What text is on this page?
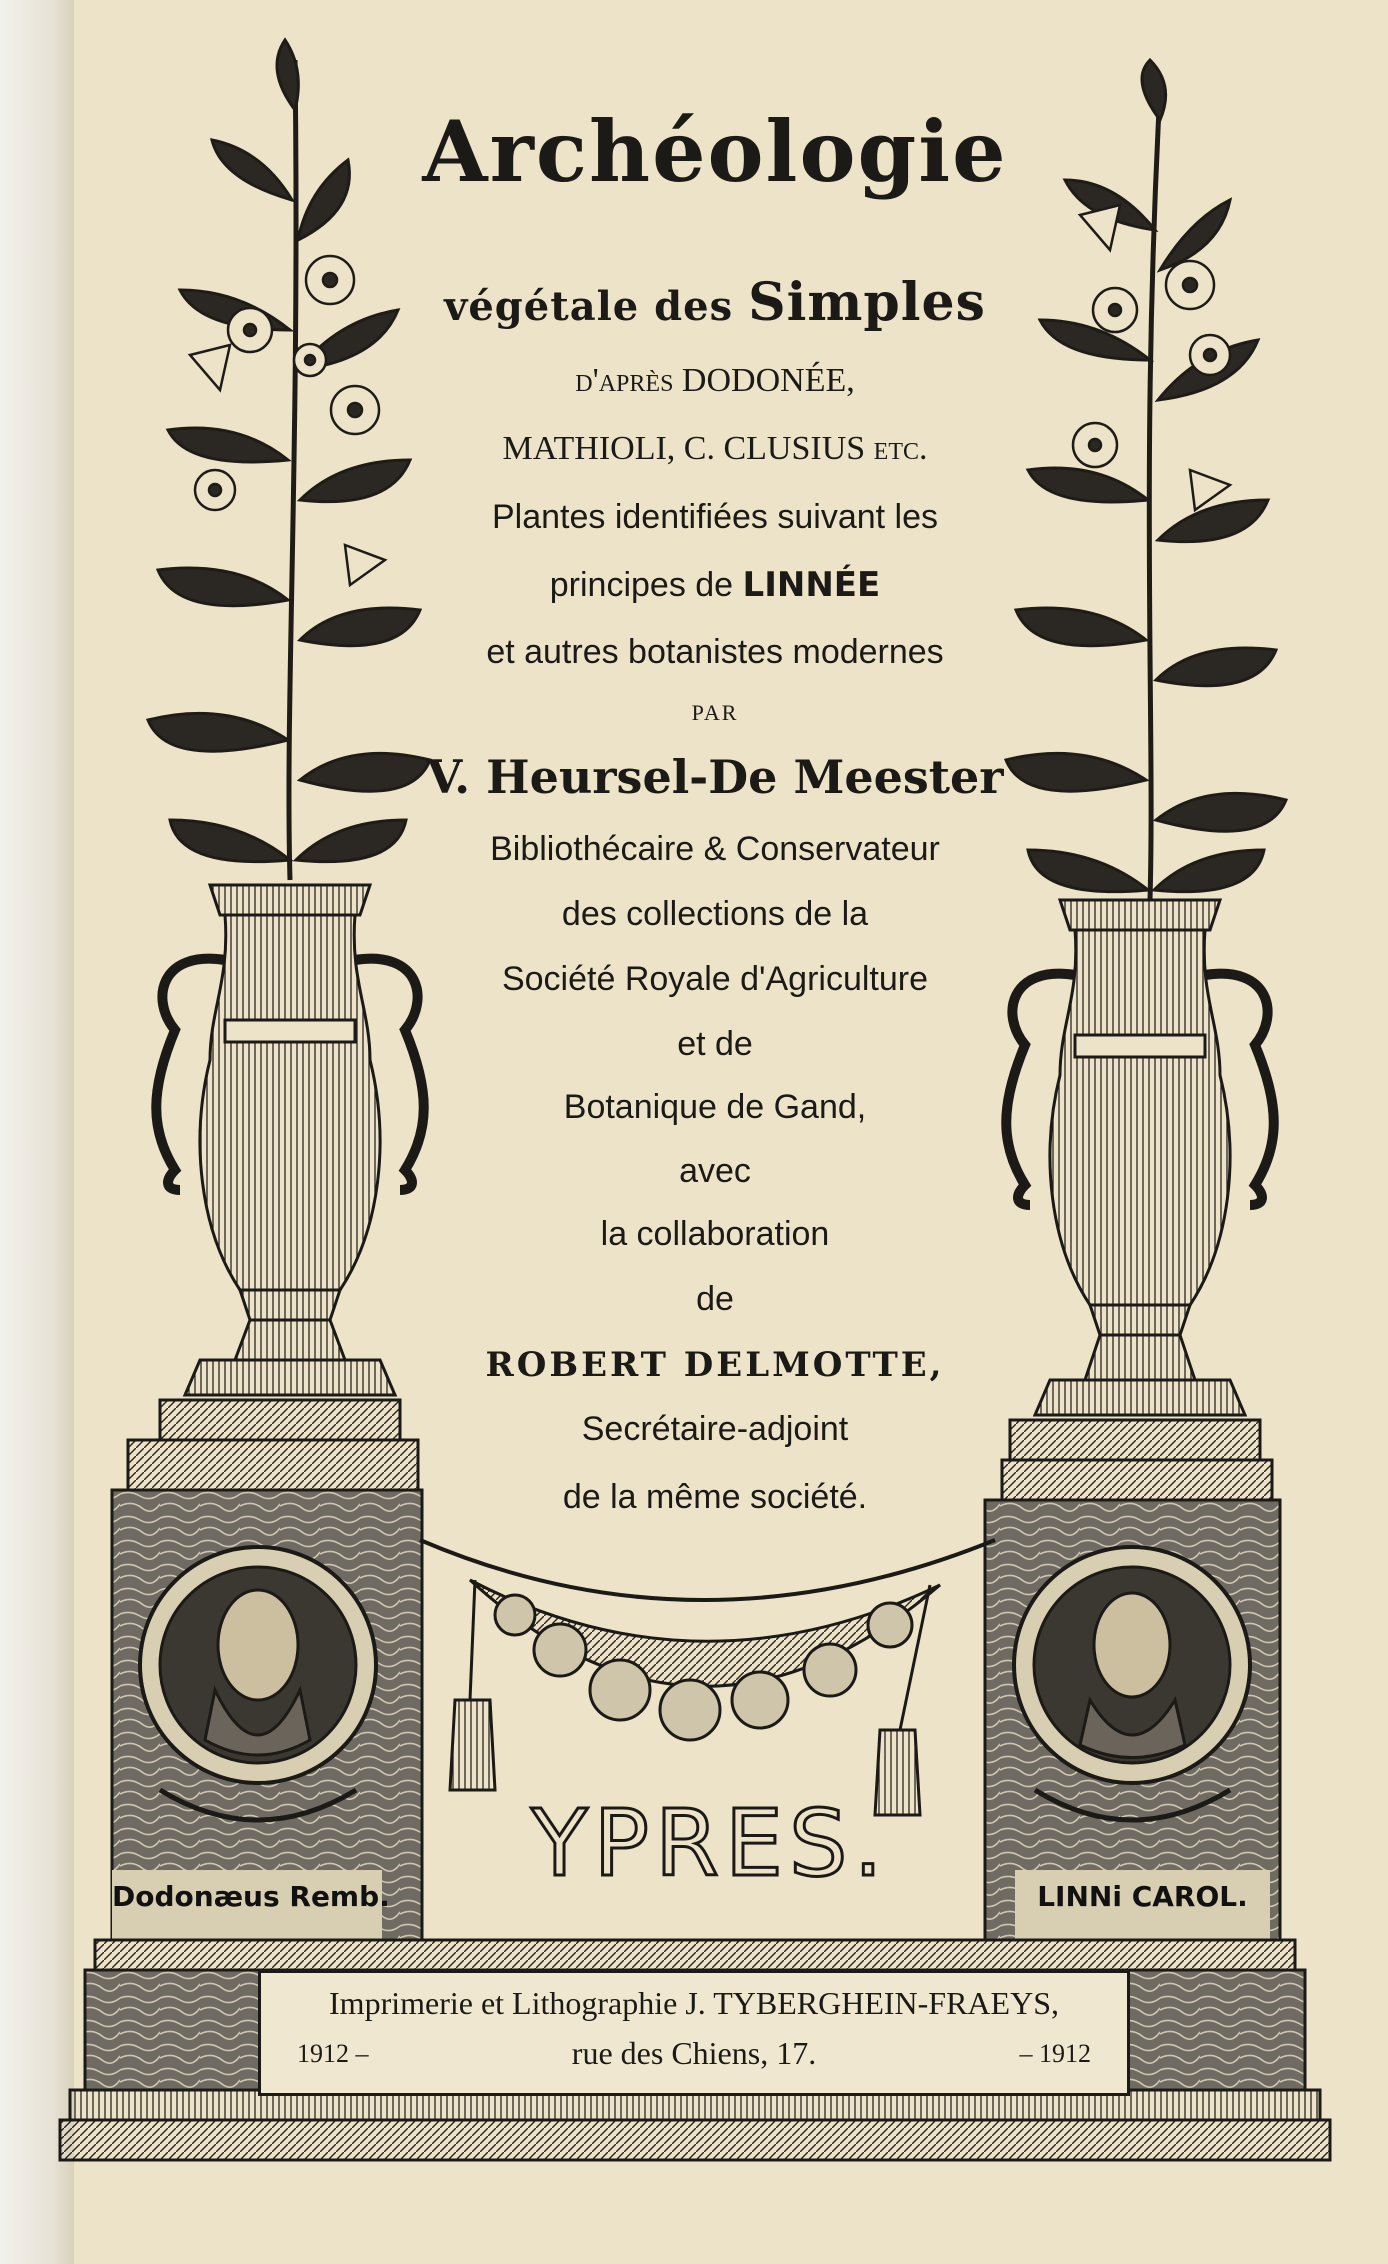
Archéologie
végétale des Simples
d'après DODONÉE,
MATHIOLI, C. CLUSIUS etc.
Plantes identifiées suivant les
principes de LINNÉE
et autres botanistes modernes
PAR
V. Heursel-De Meester
Bibliothécaire & Conservateur
des collections de la
Société Royale d'Agriculture
et de
Botanique de Gand,
avec
la collaboration
de
ROBERT DELMOTTE,
Secrétaire-adjoint
de la même société.
YPRES.
Dodonæus Remb.	LINNi CAROL.
Imprimerie et Lithographie J. TYBERGHEIN-FRAEYS,
rue des Chiens, 17.
1912 –	– 1912
